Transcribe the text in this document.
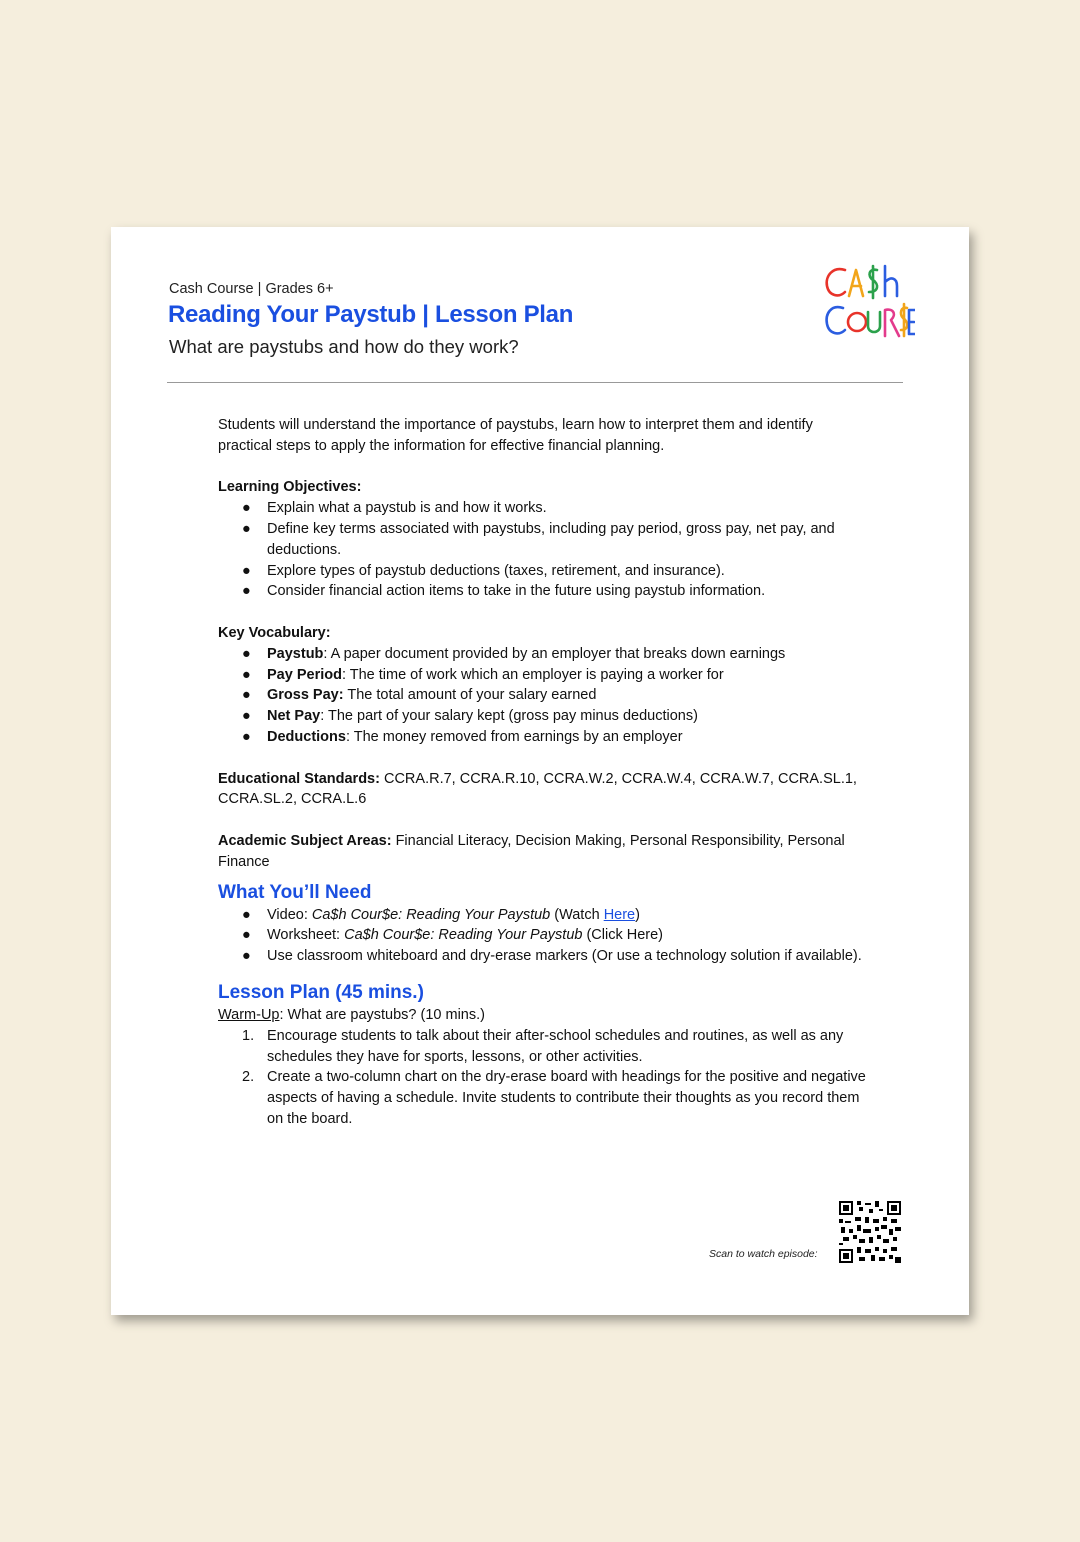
Cash Course | Grades 6+
Reading Your Paystub | Lesson Plan
What are paystubs and how do they work?

Students will understand the importance of paystubs, learn how to interpret them and identify practical steps to apply the information for effective financial planning.

Learning Objectives:

● Explain what a paystub is and how it works.
● Define key terms associated with paystubs, including pay period, gross pay, net pay, and deductions.
● Explore types of paystub deductions (taxes, retirement, and insurance).
● Consider financial action items to take in the future using paystub information.

Key Vocabulary:

● Paystub: A paper document provided by an employer that breaks down earnings
● Pay Period: The time of work which an employer is paying a worker for
● Gross Pay: The total amount of your salary earned
● Net Pay: The part of your salary kept (gross pay minus deductions)
● Deductions: The money removed from earnings by an employer

Educational Standards: CCRA.R.7, CCRA.R.10, CCRA.W.2, CCRA.W.4, CCRA.W.7, CCRA.SL.1, CCRA.SL.2, CCRA.L.6

Academic Subject Areas: Financial Literacy, Decision Making, Personal Responsibility, Personal Finance

What You’ll Need
● Video: Ca$h Cour$e: Reading Your Paystub (Watch Here)
● Worksheet: Ca$h Cour$e: Reading Your Paystub (Click Here)
● Use classroom whiteboard and dry-erase markers (Or use a technology solution if available).
Lesson Plan (45 mins.)

Warm-Up: What are paystubs? (10 mins.)

1. Encourage students to talk about their after-school schedules and routines, as well as any schedules they have for sports, lessons, or other activities.
2. Create a two-column chart on the dry-erase board with headings for the positive and negative aspects of having a schedule. Invite students to contribute their thoughts as you record them on the board.
Scan to watch episode:
